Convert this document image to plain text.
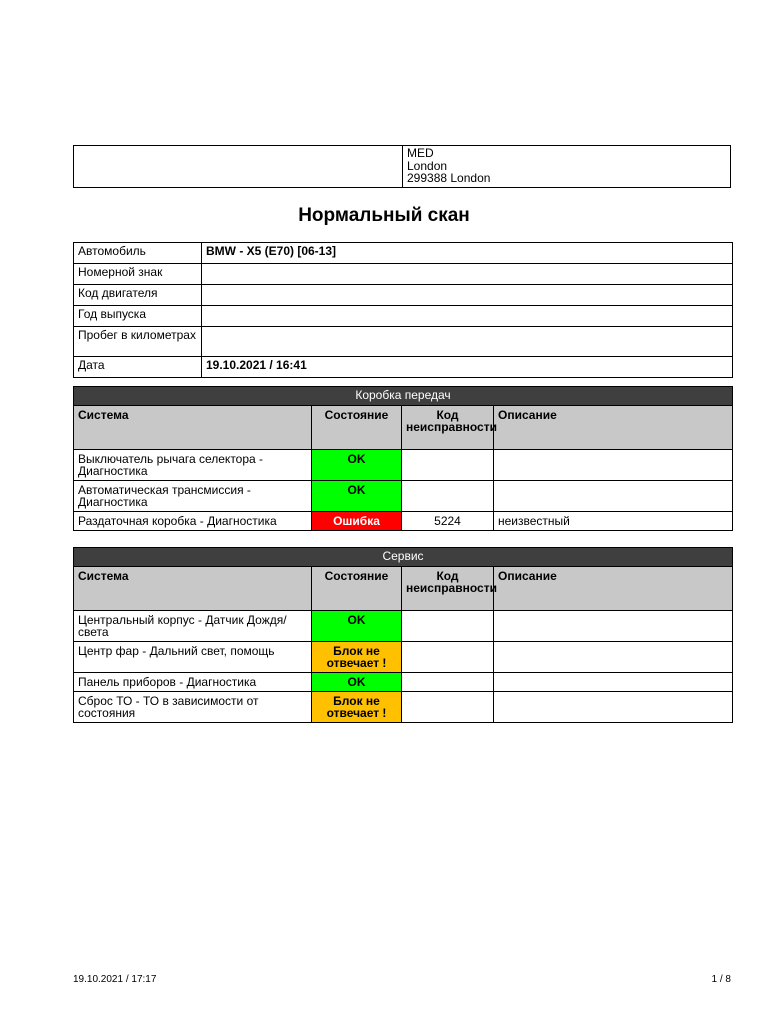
MED
London
299388 London
Нормальный скан
Автомобиль	BMW - X5 (E70) [06-13]
Номерной знак	
Код двигателя	
Год выпуска	
Пробег в километрах	
Дата	19.10.2021 / 16:41
Коробка передач			
Система	Состояние	Код неисправности	Описание
Выключатель рычага селектора - Диагностика	OK		
Автоматическая трансмиссия - Диагностика	OK		
Раздаточная коробка - Диагностика	Ошибка	5224	неизвестный
Сервис			
Система	Состояние	Код неисправности	Описание
Центральный корпус - Датчик Дождя/света	OK		
Центр фар - Дальний свет, помощь	Блок не отвечает !		
Панель приборов - Диагностика	OK		
Сброс ТО - ТО в зависимости от состояния	Блок не отвечает !		
19.10.2021 / 17:17	1 / 8
